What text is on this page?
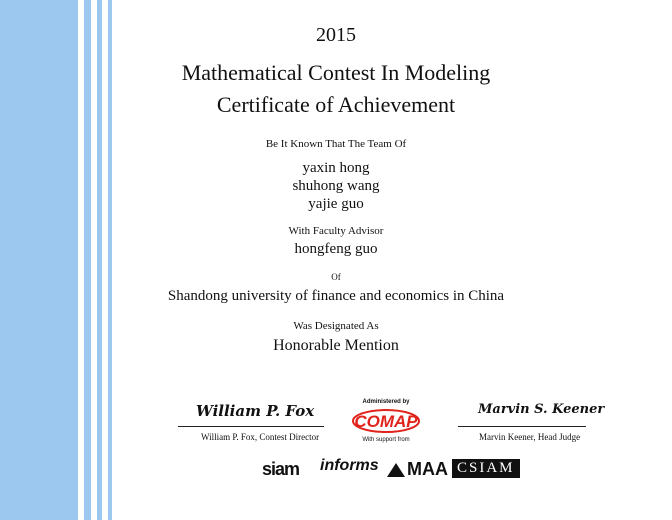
2015
Mathematical Contest In Modeling
Certificate of Achievement
Be It Known That The Team Of
yaxin hong
shuhong wang
yajie guo
With Faculty Advisor
hongfeng guo
Of
Shandong university of finance and economics in China
Was Designated As
Honorable Mention
William P. Fox
William P. Fox, Contest Director
Marvin S. Keener
Marvin Keener, Head Judge
Administered by
COMAP
With support from
siam informs	MAA CSIAM
